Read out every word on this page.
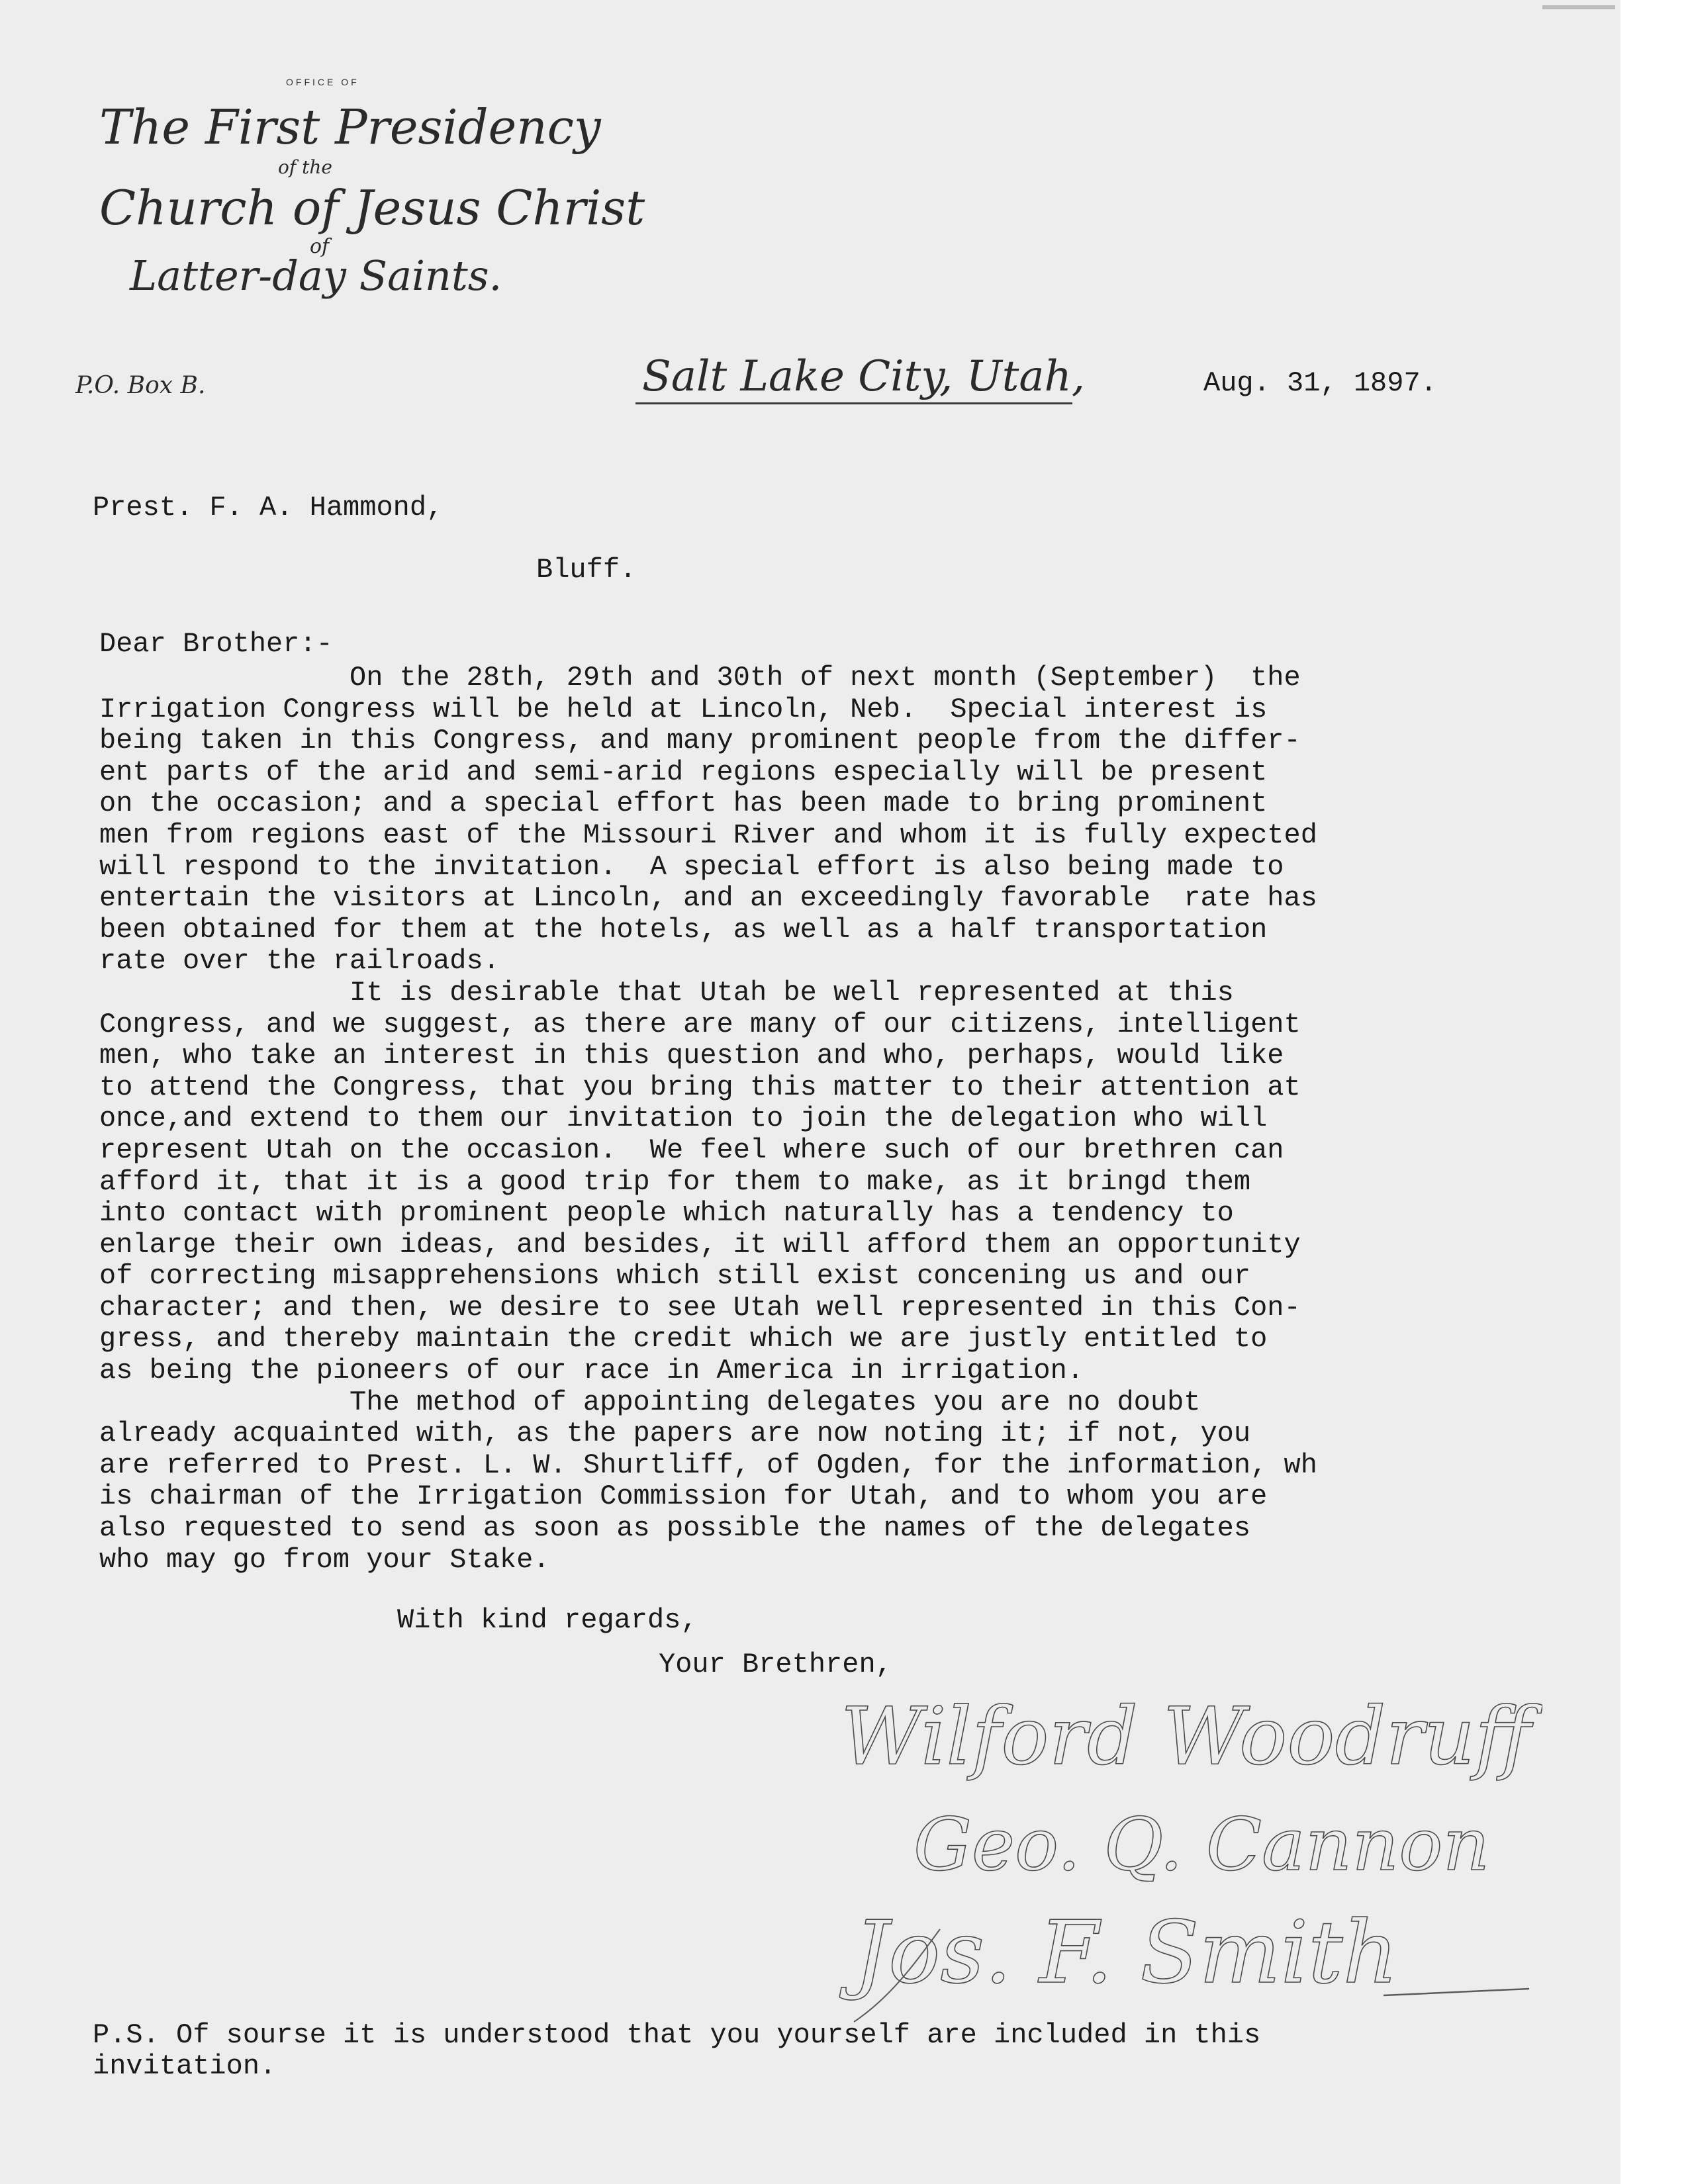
OFFICE OF
The First Presidency
of the
Church of Jesus Christ
of
Latter-day Saints.
P.O. Box B.	Salt Lake City, Utah,	Aug. 31, 1897.
Prest. F. A. Hammond,
Bluff.
Dear Brother:-
On the 28th, 29th and 30th of next month (September)  the
Irrigation Congress will be held at Lincoln, Neb.  Special interest is
being taken in this Congress, and many prominent people from the differ-
ent parts of the arid and semi-arid regions especially will be present
on the occasion; and a special effort has been made to bring prominent
men from regions east of the Missouri River and whom it is fully expected
will respond to the invitation.  A special effort is also being made to
entertain the visitors at Lincoln, and an exceedingly favorable  rate has
been obtained for them at the hotels, as well as a half transportation
rate over the railroads.
It is desirable that Utah be well represented at this
Congress, and we suggest, as there are many of our citizens, intelligent
men, who take an interest in this question and who, perhaps, would like
to attend the Congress, that you bring this matter to their attention at
once,and extend to them our invitation to join the delegation who will
represent Utah on the occasion.  We feel where such of our brethren can
afford it, that it is a good trip for them to make, as it bringd them
into contact with prominent people which naturally has a tendency to
enlarge their own ideas, and besides, it will afford them an opportunity
of correcting misapprehensions which still exist concening us and our
character; and then, we desire to see Utah well represented in this Con-
gress, and thereby maintain the credit which we are justly entitled to
as being the pioneers of our race in America in irrigation.
The method of appointing delegates you are no doubt
already acquainted with, as the papers are now noting it; if not, you
are referred to Prest. L. W. Shurtliff, of Ogden, for the information, wh
is chairman of the Irrigation Commission for Utah, and to whom you are
also requested to send as soon as possible the names of the delegates
who may go from your Stake.
With kind regards,
Your Brethren,
Wilford Woodruff
Geo. Q. Cannon
Jos. F. Smith
P.S. Of sourse it is understood that you yourself are included in this
invitation.
